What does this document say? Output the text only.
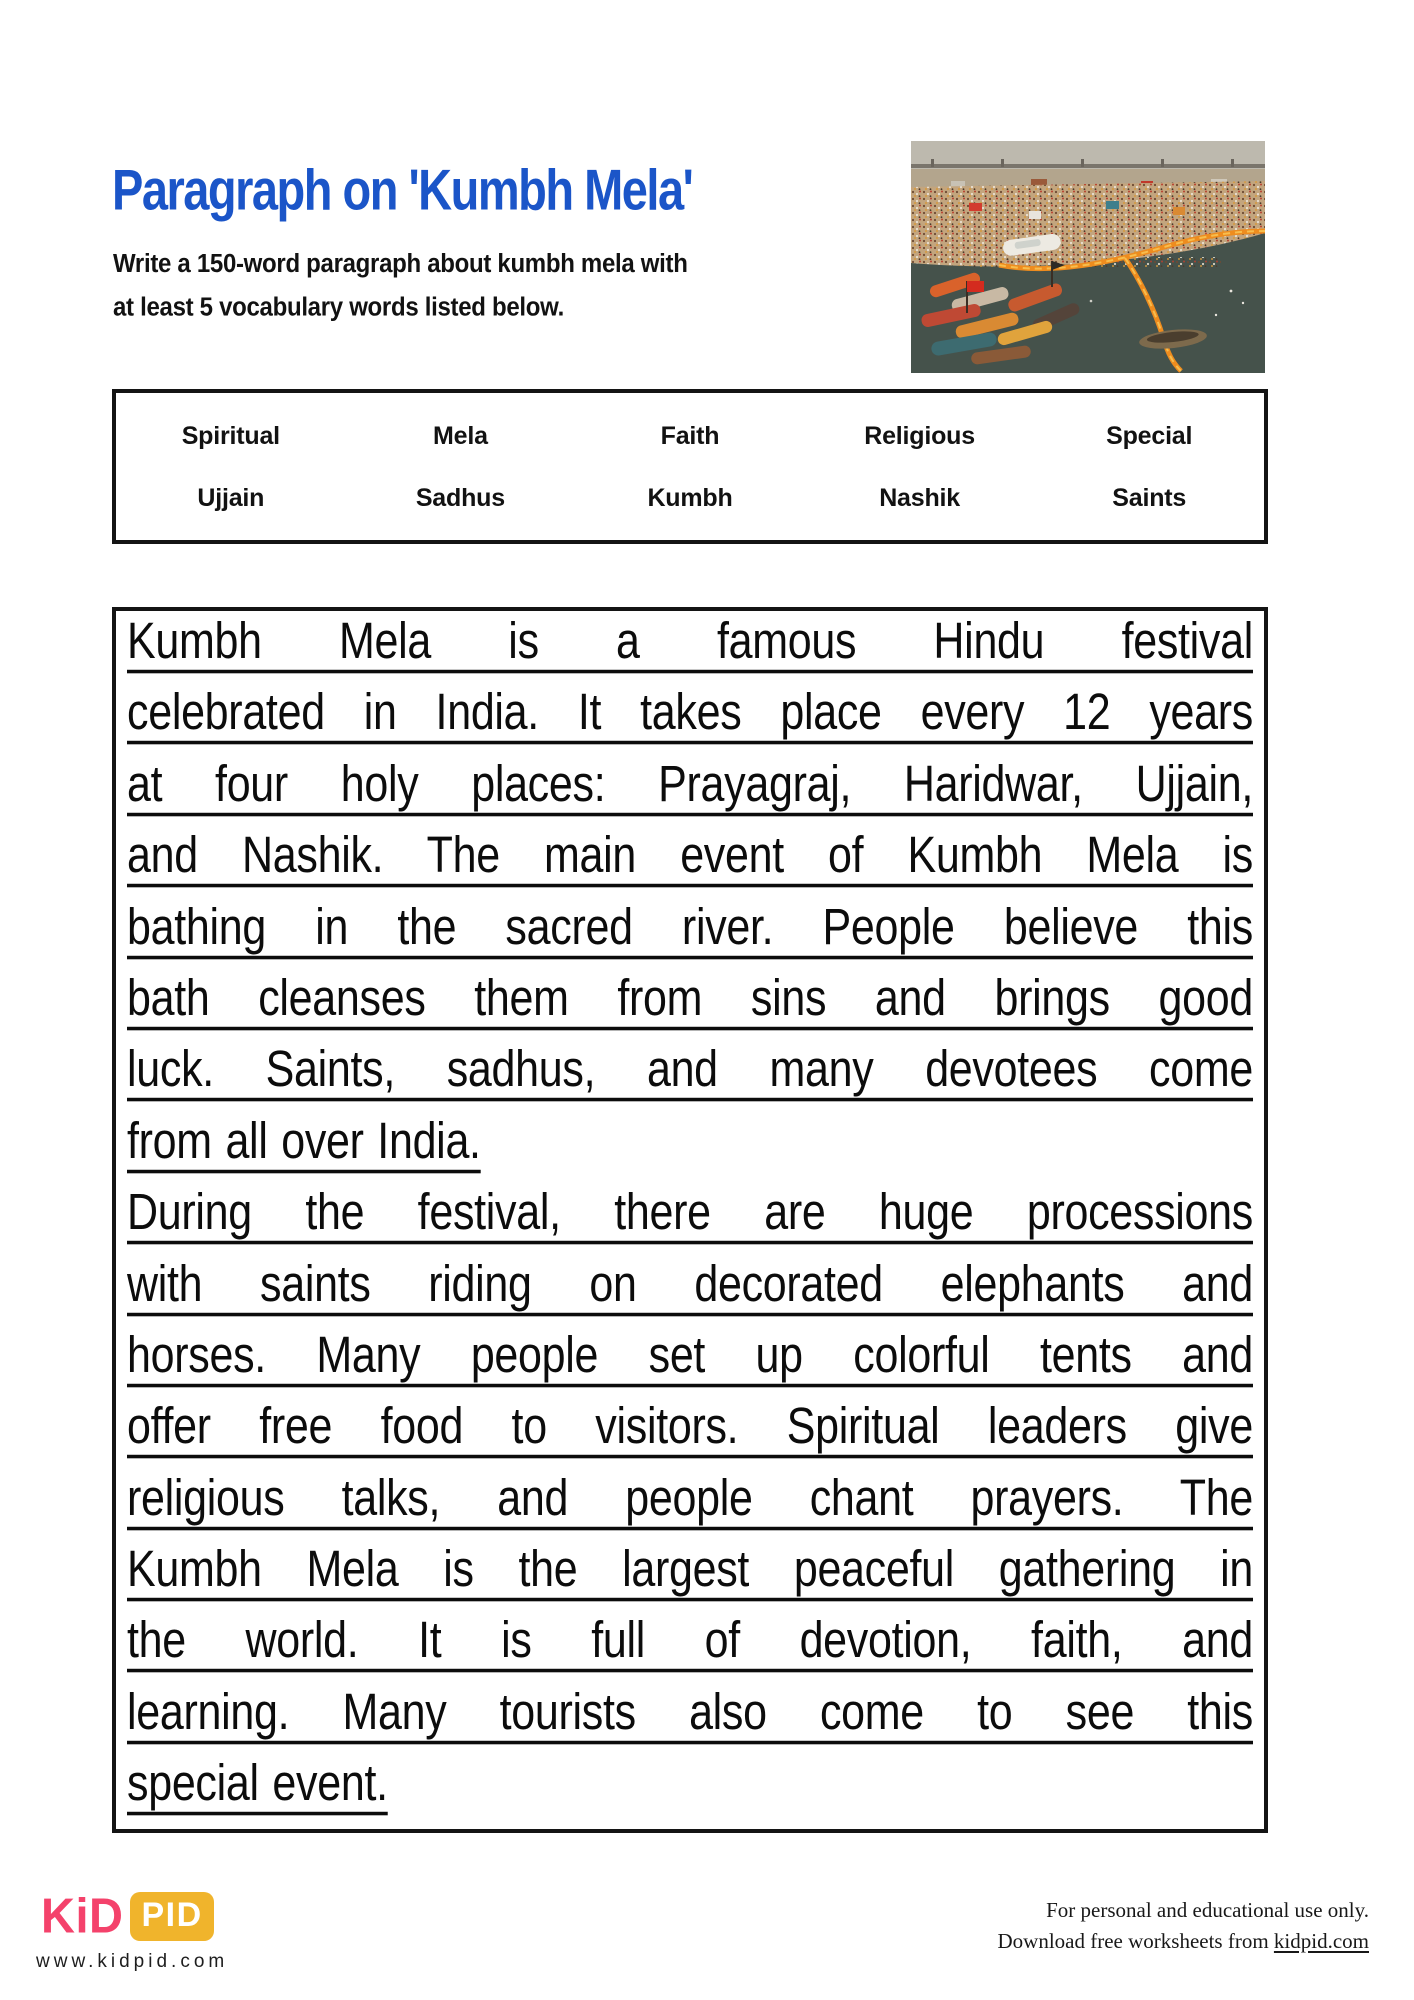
Paragraph on 'Kumbh Mela'
Write a 150-word paragraph about kumbh mela with
at least 5 vocabulary words listed below.
Spiritual	Mela	Faith	Religious	Special
Ujjain	Sadhus	Kumbh	Nashik	Saints
Kumbh Mela is a famous Hindu festival
celebrated in India. It takes place every 12 years
at four holy places: Prayagraj, Haridwar, Ujjain,
and Nashik. The main event of Kumbh Mela is
bathing in the sacred river. People believe this
bath cleanses them from sins and brings good
luck. Saints, sadhus, and many devotees come
from all over India.
During the festival, there are huge processions
with saints riding on decorated elephants and
horses. Many people set up colorful tents and
offer free food to visitors. Spiritual leaders give
religious talks, and people chant prayers. The
Kumbh Mela is the largest peaceful gathering in
the world. It is full of devotion, faith, and
learning. Many tourists also come to see this
special event.
KiD PID
www.kidpid.com
For personal and educational use only.
Download free worksheets from kidpid.com
